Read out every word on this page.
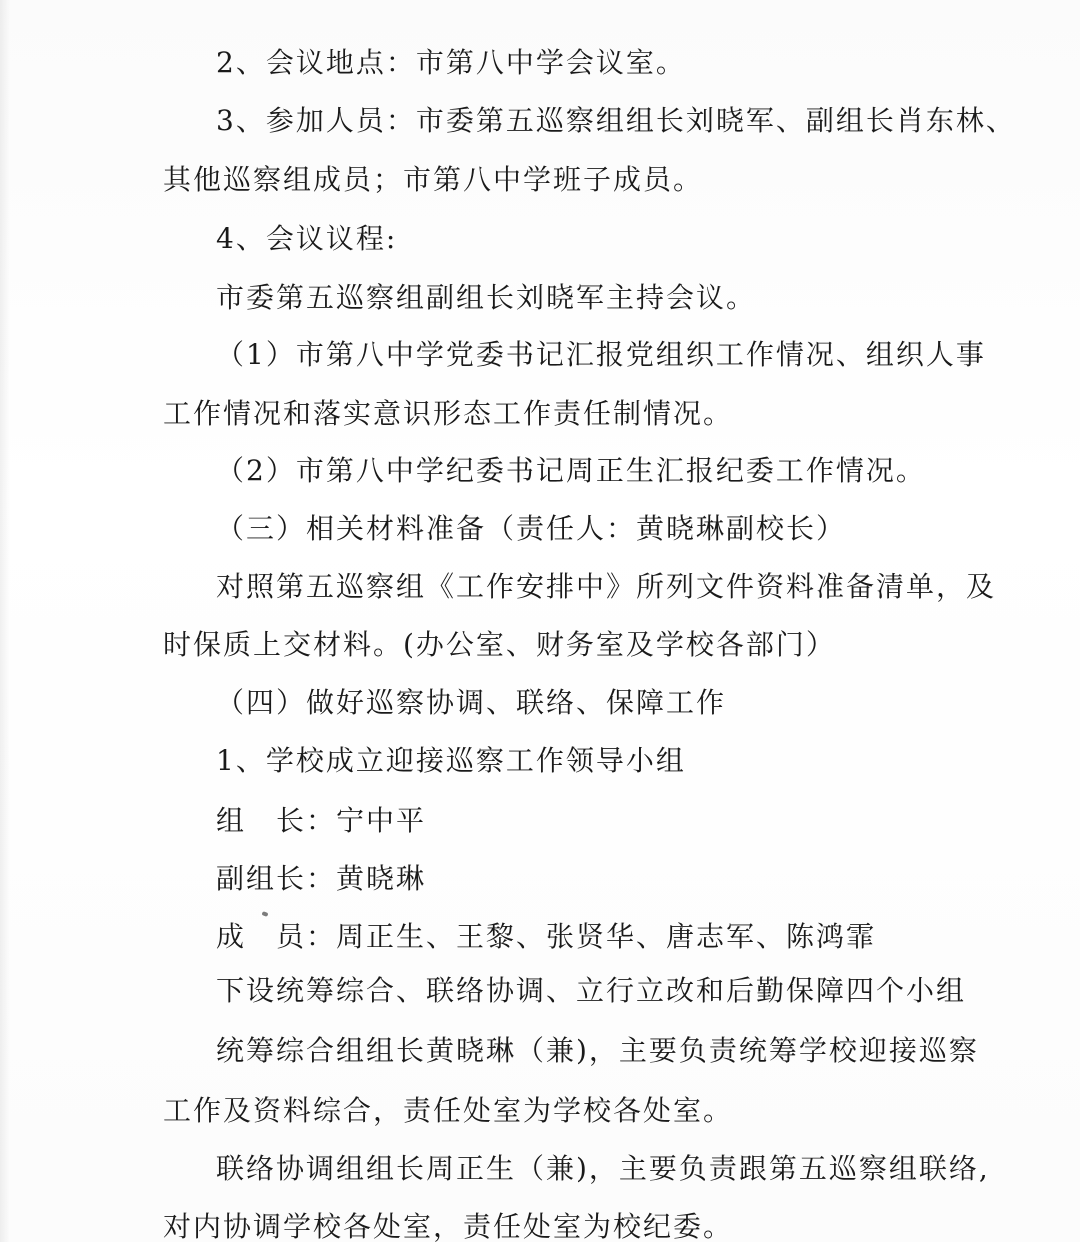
2、会议地点：市第八中学会议室。
3、参加人员：市委第五巡察组组长刘晓军、副组长肖东林、
其他巡察组成员；市第八中学班子成员。
4、会议议程:
市委第五巡察组副组长刘晓军主持会议。
（1）市第八中学党委书记汇报党组织工作情况、组织人事
工作情况和落实意识形态工作责任制情况。
（2）市第八中学纪委书记周正生汇报纪委工作情况。
（三）相关材料准备（责任人：黄晓琳副校长）
对照第五巡察组《工作安排中》所列文件资料准备清单，及
时保质上交材料。(办公室、财务室及学校各部门）
（四）做好巡察协调、联络、保障工作
1、学校成立迎接巡察工作领导小组
组　长：宁中平
副组长：黄晓琳
成　员：周正生、王黎、张贤华、唐志军、陈鸿霏
下设统筹综合、联络协调、立行立改和后勤保障四个小组
统筹综合组组长黄晓琳（兼)，主要负责统筹学校迎接巡察
工作及资料综合，责任处室为学校各处室。
联络协调组组长周正生（兼)，主要负责跟第五巡察组联络,
对内协调学校各处室，责任处室为校纪委。
